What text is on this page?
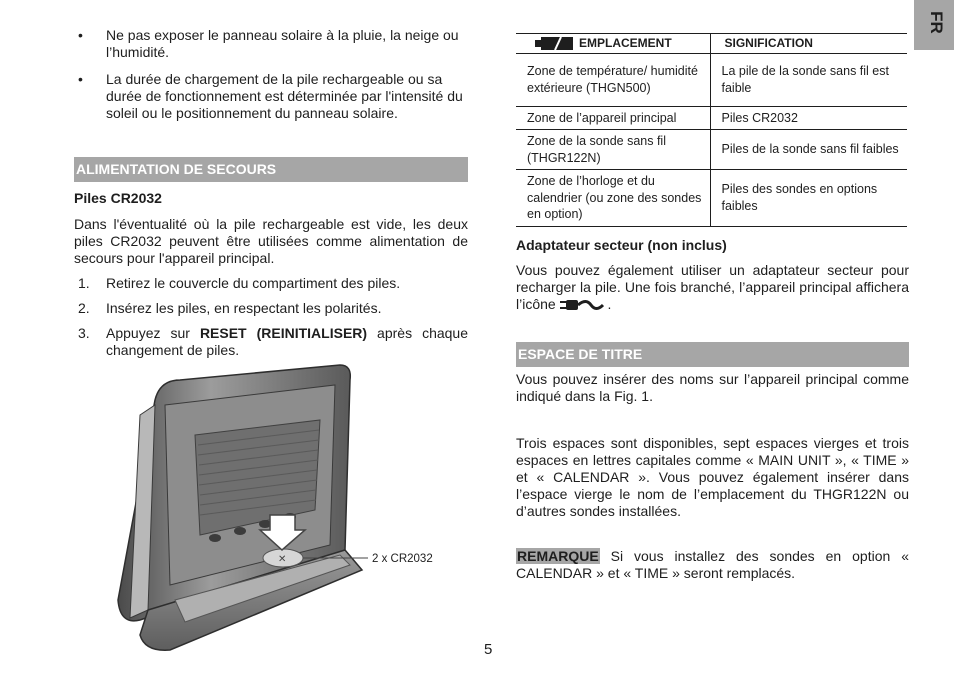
FR
• Ne pas exposer le panneau solaire à la pluie, la neige ou l’humidité.
• La durée de chargement de la pile rechargeable ou sa durée de fonctionnement est déterminée par l'intensité du soleil ou le positionnement du panneau solaire.
ALIMENTATION DE SECOURS
Piles CR2032
Dans l'éventualité où la pile rechargeable est vide, les deux piles CR2032 peuvent être utilisées comme alimentation de secours pour l'appareil principal.
1. Retirez le couvercle du compartiment des piles.
2. Insérez les piles, en respectant les polarités.
3. Appuyez sur RESET (REINITIALISER) après chaque changement de piles.
✕	2 x CR2032
EMPLACEMENT	SIGNIFICATION
Zone de température/ humidité extérieure (THGN500)	La pile de la sonde sans fil est faible
Zone de l’appareil principal	Piles CR2032
Zone de la sonde sans fil (THGR122N)	Piles de la sonde sans fil faibles
Zone de l’horloge et du calendrier (ou zone des sondes en option)	Piles des sondes en options faibles
Adaptateur secteur (non inclus)
Vous pouvez également utiliser un adaptateur secteur pour recharger la pile. Une fois branché, l’appareil principal affichera l’icône	.
ESPACE DE TITRE
Vous pouvez insérer des noms sur l’appareil principal comme indiqué dans la Fig. 1.
Trois espaces sont disponibles, sept espaces vierges et trois espaces en lettres capitales comme « MAIN UNIT », « TIME » et « CALENDAR ». Vous pouvez également insérer dans l’espace vierge le nom de l’emplacement du THGR122N ou d’autres sondes installées.
REMARQUE Si vous installez des sondes en option « CALENDAR » et « TIME » seront remplacés.
5
